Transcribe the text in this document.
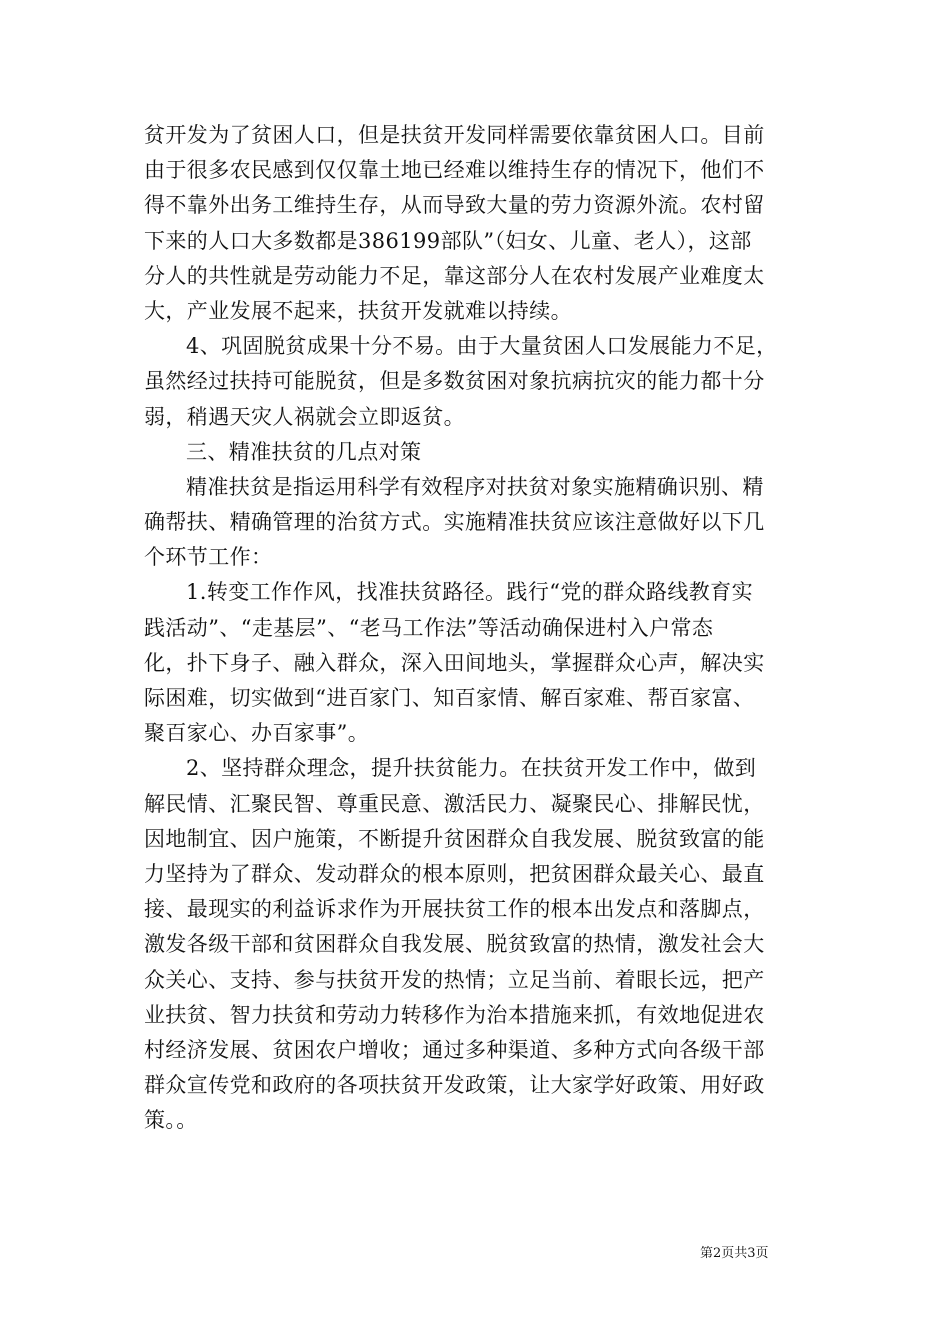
贫开发为了贫困人口，但是扶贫开发同样需要依靠贫困人口。目前
由于很多农民感到仅仅靠土地已经难以维持生存的情况下，他们不
得不靠外出务工维持生存，从而导致大量的劳力资源外流。农村留
下来的人口大多数都是386199部队”（妇女、儿童、老人），这部
分人的共性就是劳动能力不足，靠这部分人在农村发展产业难度太
大，产业发展不起来，扶贫开发就难以持续。
4、巩固脱贫成果十分不易。由于大量贫困人口发展能力不足，
虽然经过扶持可能脱贫，但是多数贫困对象抗病抗灾的能力都十分
弱，稍遇天灾人祸就会立即返贫。
三、精准扶贫的几点对策
精准扶贫是指运用科学有效程序对扶贫对象实施精确识别、精
确帮扶、精确管理的治贫方式。实施精准扶贫应该注意做好以下几
个环节工作：
1.转变工作作风，找准扶贫路径。践行“党的群众路线教育实
践活动”、“走基层”、“老马工作法”等活动确保进村入户常态
化，扑下身子、融入群众，深入田间地头，掌握群众心声，解决实
际困难，切实做到“进百家门、知百家情、解百家难、帮百家富、
聚百家心、办百家事”。
2、坚持群众理念，提升扶贫能力。在扶贫开发工作中，做到
解民情、汇聚民智、尊重民意、激活民力、凝聚民心、排解民忧，
因地制宜、因户施策，不断提升贫困群众自我发展、脱贫致富的能
力坚持为了群众、发动群众的根本原则，把贫困群众最关心、最直
接、最现实的利益诉求作为开展扶贫工作的根本出发点和落脚点，
激发各级干部和贫困群众自我发展、脱贫致富的热情，激发社会大
众关心、支持、参与扶贫开发的热情；立足当前、着眼长远，把产
业扶贫、智力扶贫和劳动力转移作为治本措施来抓，有效地促进农
村经济发展、贫困农户增收；通过多种渠道、多种方式向各级干部
群众宣传党和政府的各项扶贫开发政策，让大家学好政策、用好政
策。。
第2页共3页
